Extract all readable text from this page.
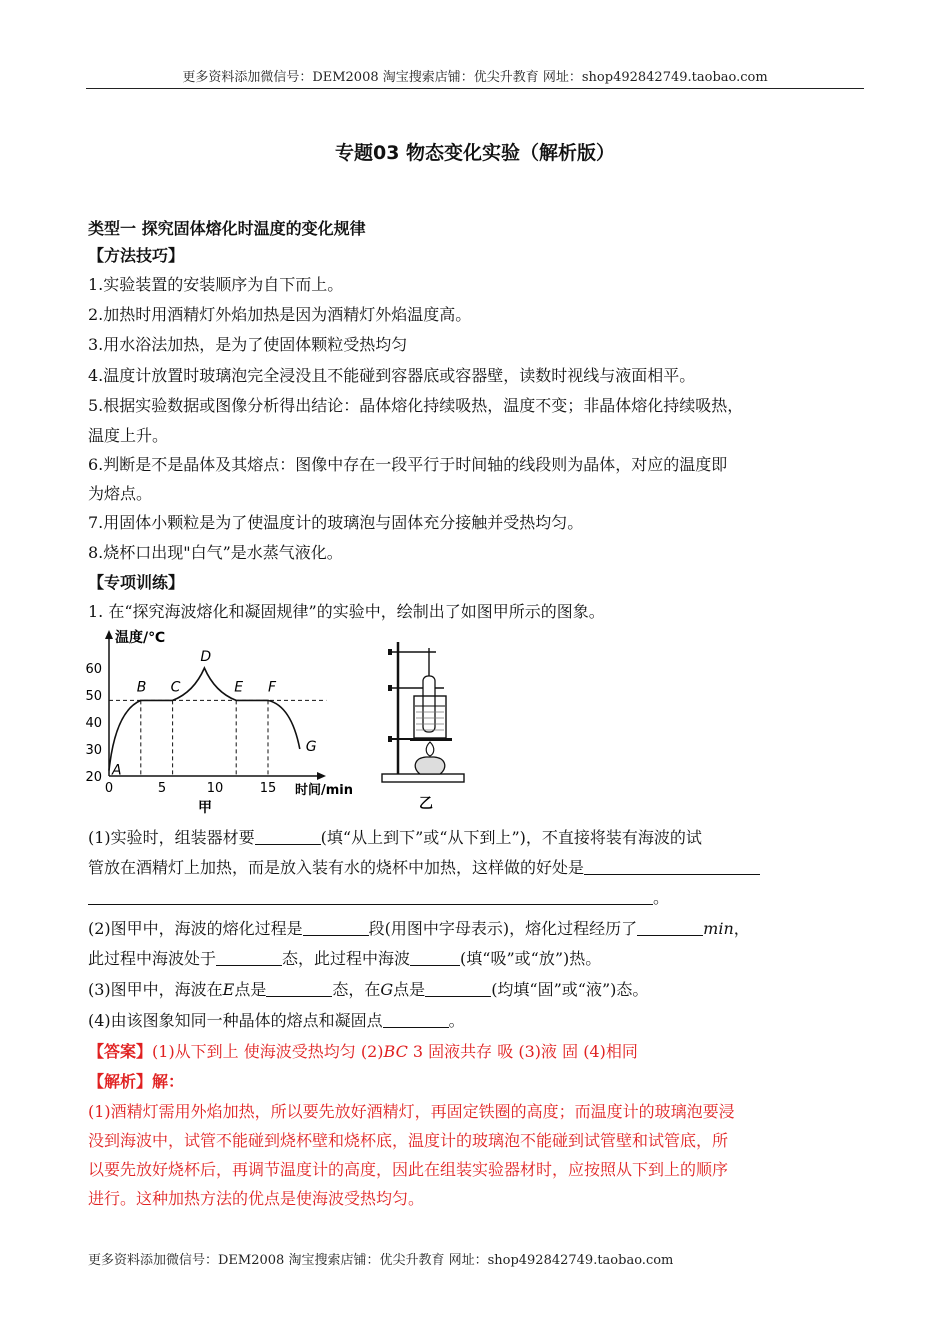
更多资料添加微信号：DEM2008 淘宝搜索店铺：优尖升教育 网址：shop492842749.taobao.com
专题03 物态变化实验（解析版）
类型一 探究固体熔化时温度的变化规律
【方法技巧】
1.实验装置的安装顺序为自下而上。
2.加热时用酒精灯外焰加热是因为酒精灯外焰温度高。
3.用水浴法加热，是为了使固体颗粒受热均匀
4.温度计放置时玻璃泡完全浸没且不能碰到容器底或容器壁，读数时视线与液面相平。
5.根据实验数据或图像分析得出结论：晶体熔化持续吸热，温度不变；非晶体熔化持续吸热，
温度上升。
6.判断是不是晶体及其熔点：图像中存在一段平行于时间轴的线段则为晶体，对应的温度即
为熔点。
7.用固体小颗粒是为了使温度计的玻璃泡与固体充分接触并受热均匀。
8.烧杯口出现"白气”是水蒸气液化。
【专项训练】
1. 在“探究海波熔化和凝固规律”的实验中，绘制出了如图甲所示的图象。
温度/℃
时间/min
20
30
40
50
60
0	5	10	15
A
B C
D
E F
G
甲	乙
(1)实验时，组装器材要	(填“从上到下”或“从下到上”)，不直接将装有海波的试
管放在酒精灯上加热，而是放入装有水的烧杯中加热，这样做的好处是
。
(2)图甲中，海波的熔化过程是	段(用图中字母表示)，熔化过程经历了	min，
此过程中海波处于	态，此过程中海波	(填“吸”或“放”)热。
(3)图甲中，海波在E点是	态，在G点是	(均填“固”或“液”)态。
(4)由该图象知同一种晶体的熔点和凝固点	。
【答案】(1)从下到上 使海波受热均匀 (2)BC 3 固液共存 吸 (3)液 固 (4)相同
【解析】解：
(1)酒精灯需用外焰加热，所以要先放好酒精灯，再固定铁圈的高度；而温度计的玻璃泡要浸
没到海波中，试管不能碰到烧杯壁和烧杯底，温度计的玻璃泡不能碰到试管壁和试管底，所
以要先放好烧杯后，再调节温度计的高度，因此在组装实验器材时，应按照从下到上的顺序
进行。这种加热方法的优点是使海波受热均匀。
更多资料添加微信号：DEM2008 淘宝搜索店铺：优尖升教育 网址：shop492842749.taobao.com
